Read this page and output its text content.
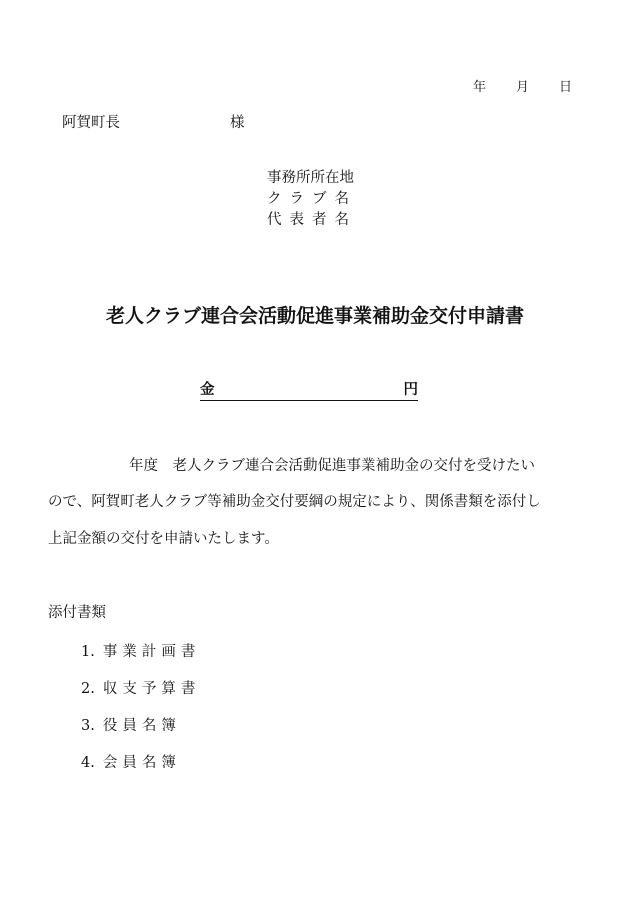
年 月 日
阿賀町長	様
事務所所在地
クラブ名
代表者名
老人クラブ連合会活動促進事業補助金交付申請書
金	円
年度　老人クラブ連合会活動促進事業補助金の交付を受けたい
ので、阿賀町老人クラブ等補助金交付要綱の規定により、関係書類を添付し
上記金額の交付を申請いたします。
添付書類
1. 事業計画書
2. 収支予算書
3. 役員名簿
4. 会員名簿
